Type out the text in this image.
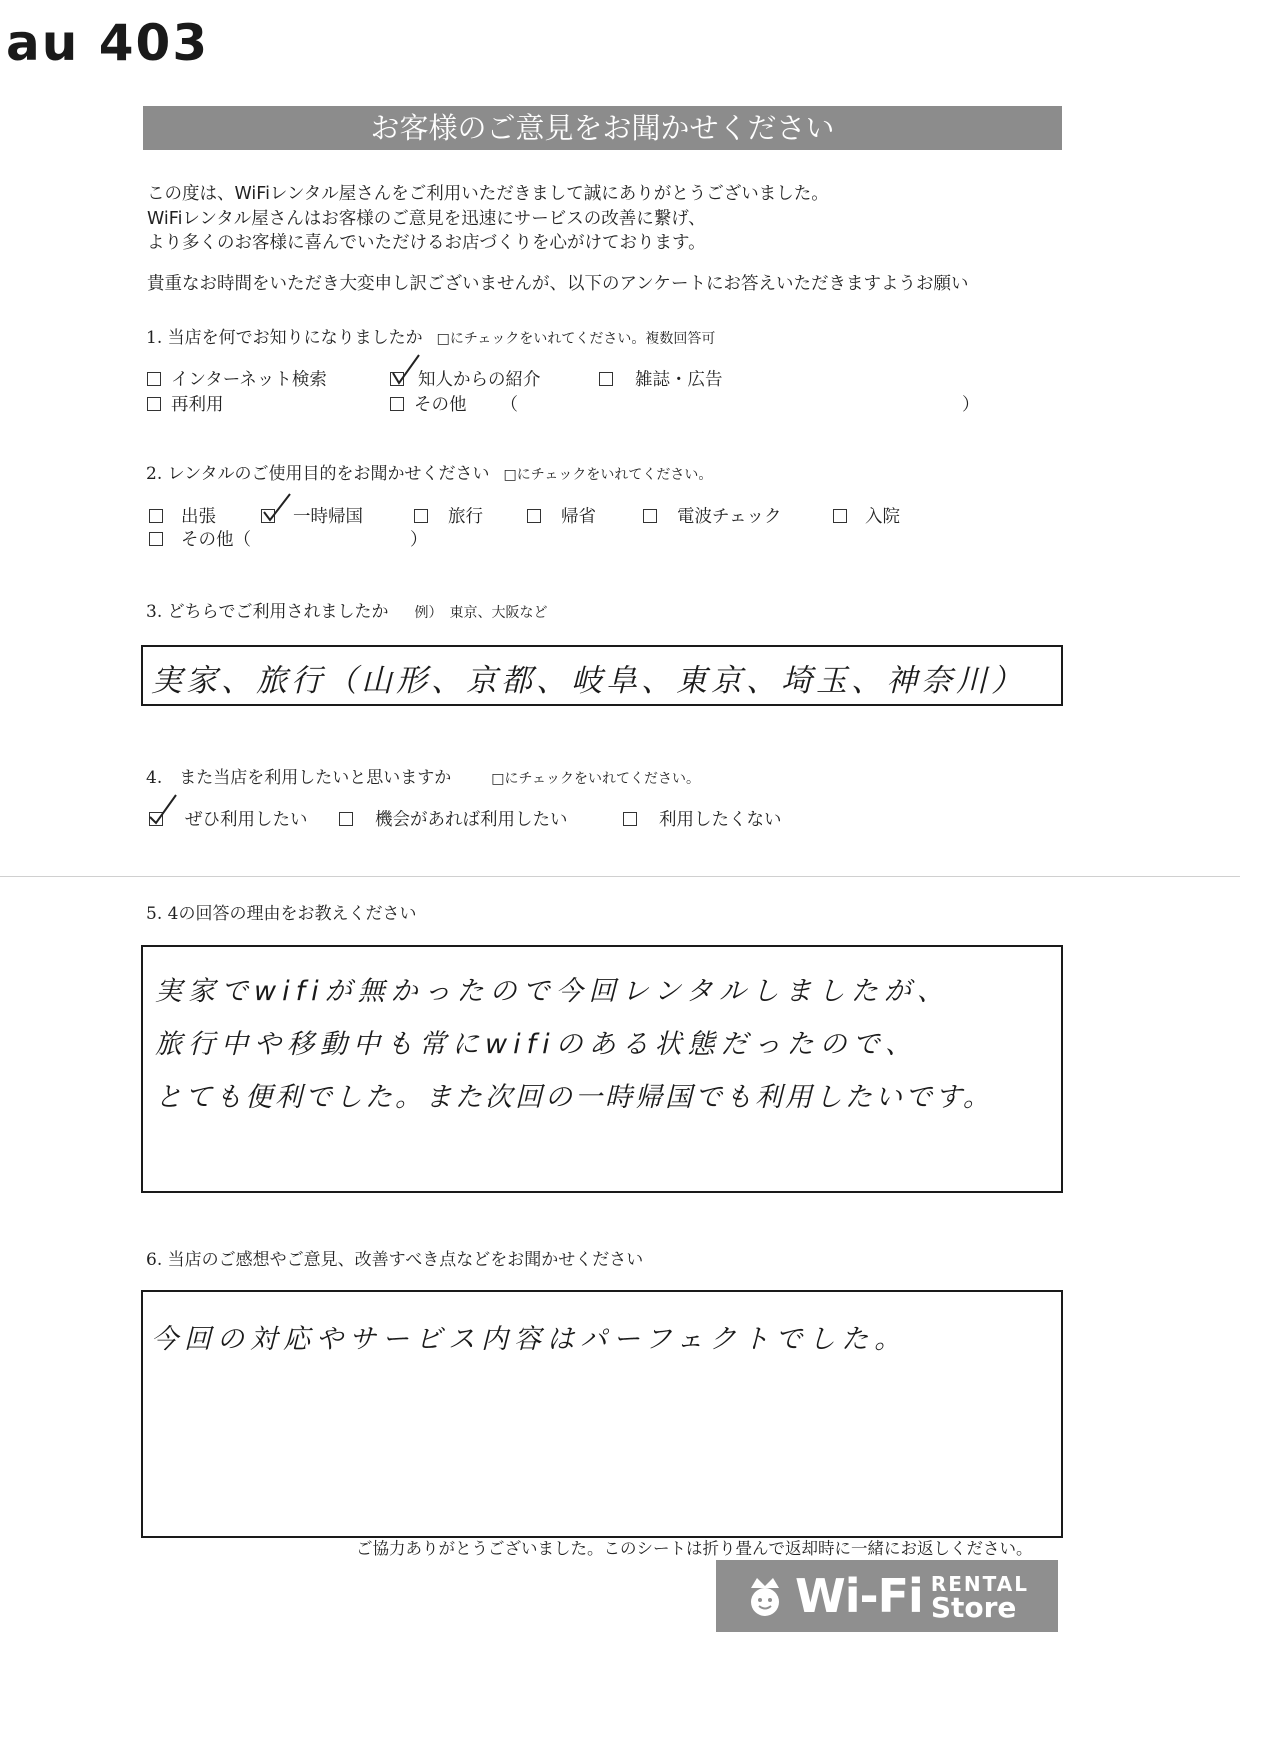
au 403
お客様のご意見をお聞かせください
この度は、WiFiレンタル屋さんをご利用いただきまして誠にありがとうございました。
WiFiレンタル屋さんはお客様のご意見を迅速にサービスの改善に繋げ、
より多くのお客様に喜んでいただけるお店づくりを心がけております。
貴重なお時間をいただき大変申し訳ございませんが、以下のアンケートにお答えいただきますようお願い
1. 当店を何でお知りになりましたか □にチェックをいれてください。複数回答可
インターネット検索	知人からの紹介	雑誌・広告
再利用	その他 （	）
2. レンタルのご使用目的をお聞かせください □にチェックをいれてください。
出張	一時帰国	旅行	帰省	電波チェック	入院
その他 （	）
3. どちらでご利用されましたか 例）　東京、大阪など
実家、旅行（山形、京都、岐阜、東京、埼玉、神奈川）
4.　また当店を利用したいと思いますか	□にチェックをいれてください。
ぜひ利用したい	機会があれば利用したい	利用したくない
5. 4の回答の理由をお教えください
実家でwifiが無かったので今回レンタルしましたが、
旅行中や移動中も常にwifiのある状態だったので、
とても便利でした。また次回の一時帰国でも利用したいです。
6. 当店のご感想やご意見、改善すべき点などをお聞かせください
今回の対応やサービス内容はパーフェクトでした。
ご協力ありがとうございました。このシートは折り畳んで返却時に一緒にお返しください。
Wi-Fi RENTAL
Store
